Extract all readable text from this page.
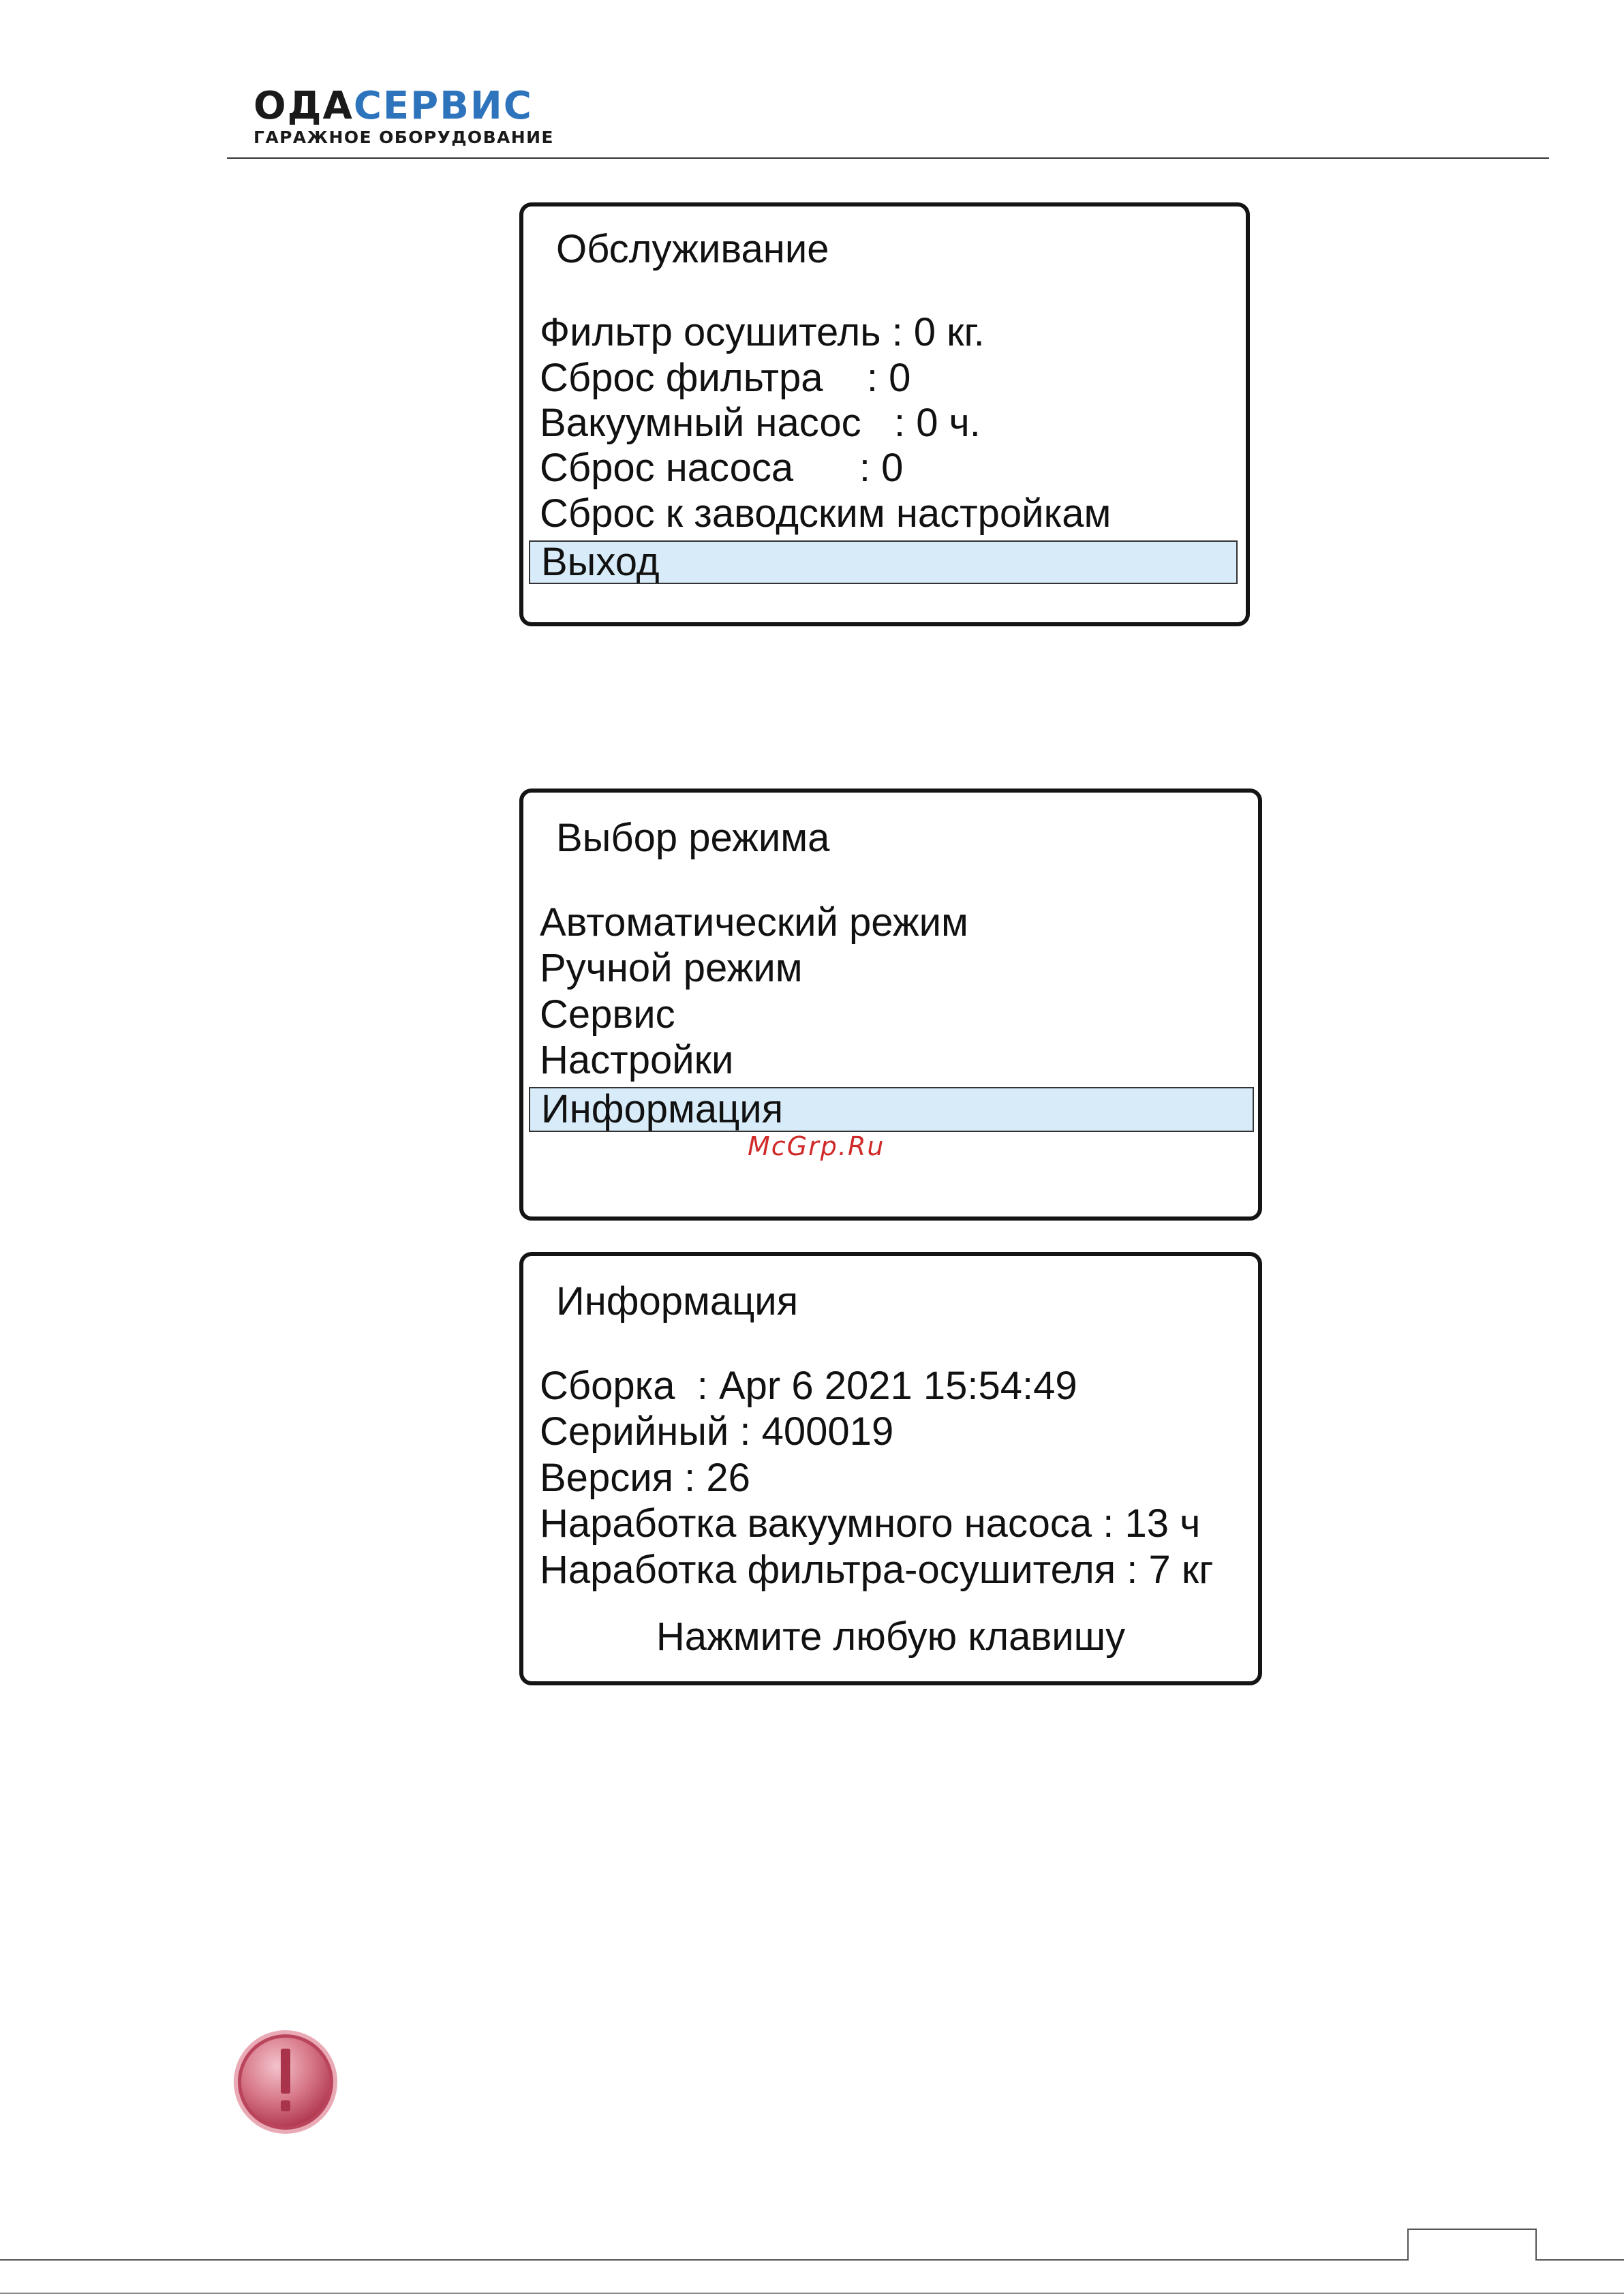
ОДАСЕРВИС
ГАРАЖНОЕ ОБОРУДОВАНИЕ
Обслуживание
Фильтр осушитель : 0 кг.
Сброс фильтра    : 0
Вакуумный насос   : 0 ч.
Сброс насоса      : 0
Сброс к заводским настройкам
Выход
Выбор режима
Автоматический режим
Ручной режим
Сервис
Настройки
Информация
McGrp.Ru
Информация
Сборка  : Apr 6 2021 15:54:49
Серийный : 400019
Версия : 26
Наработка вакуумного насоса : 13 ч
Наработка фильтра-осушителя : 7 кг
Нажмите любую клавишу
